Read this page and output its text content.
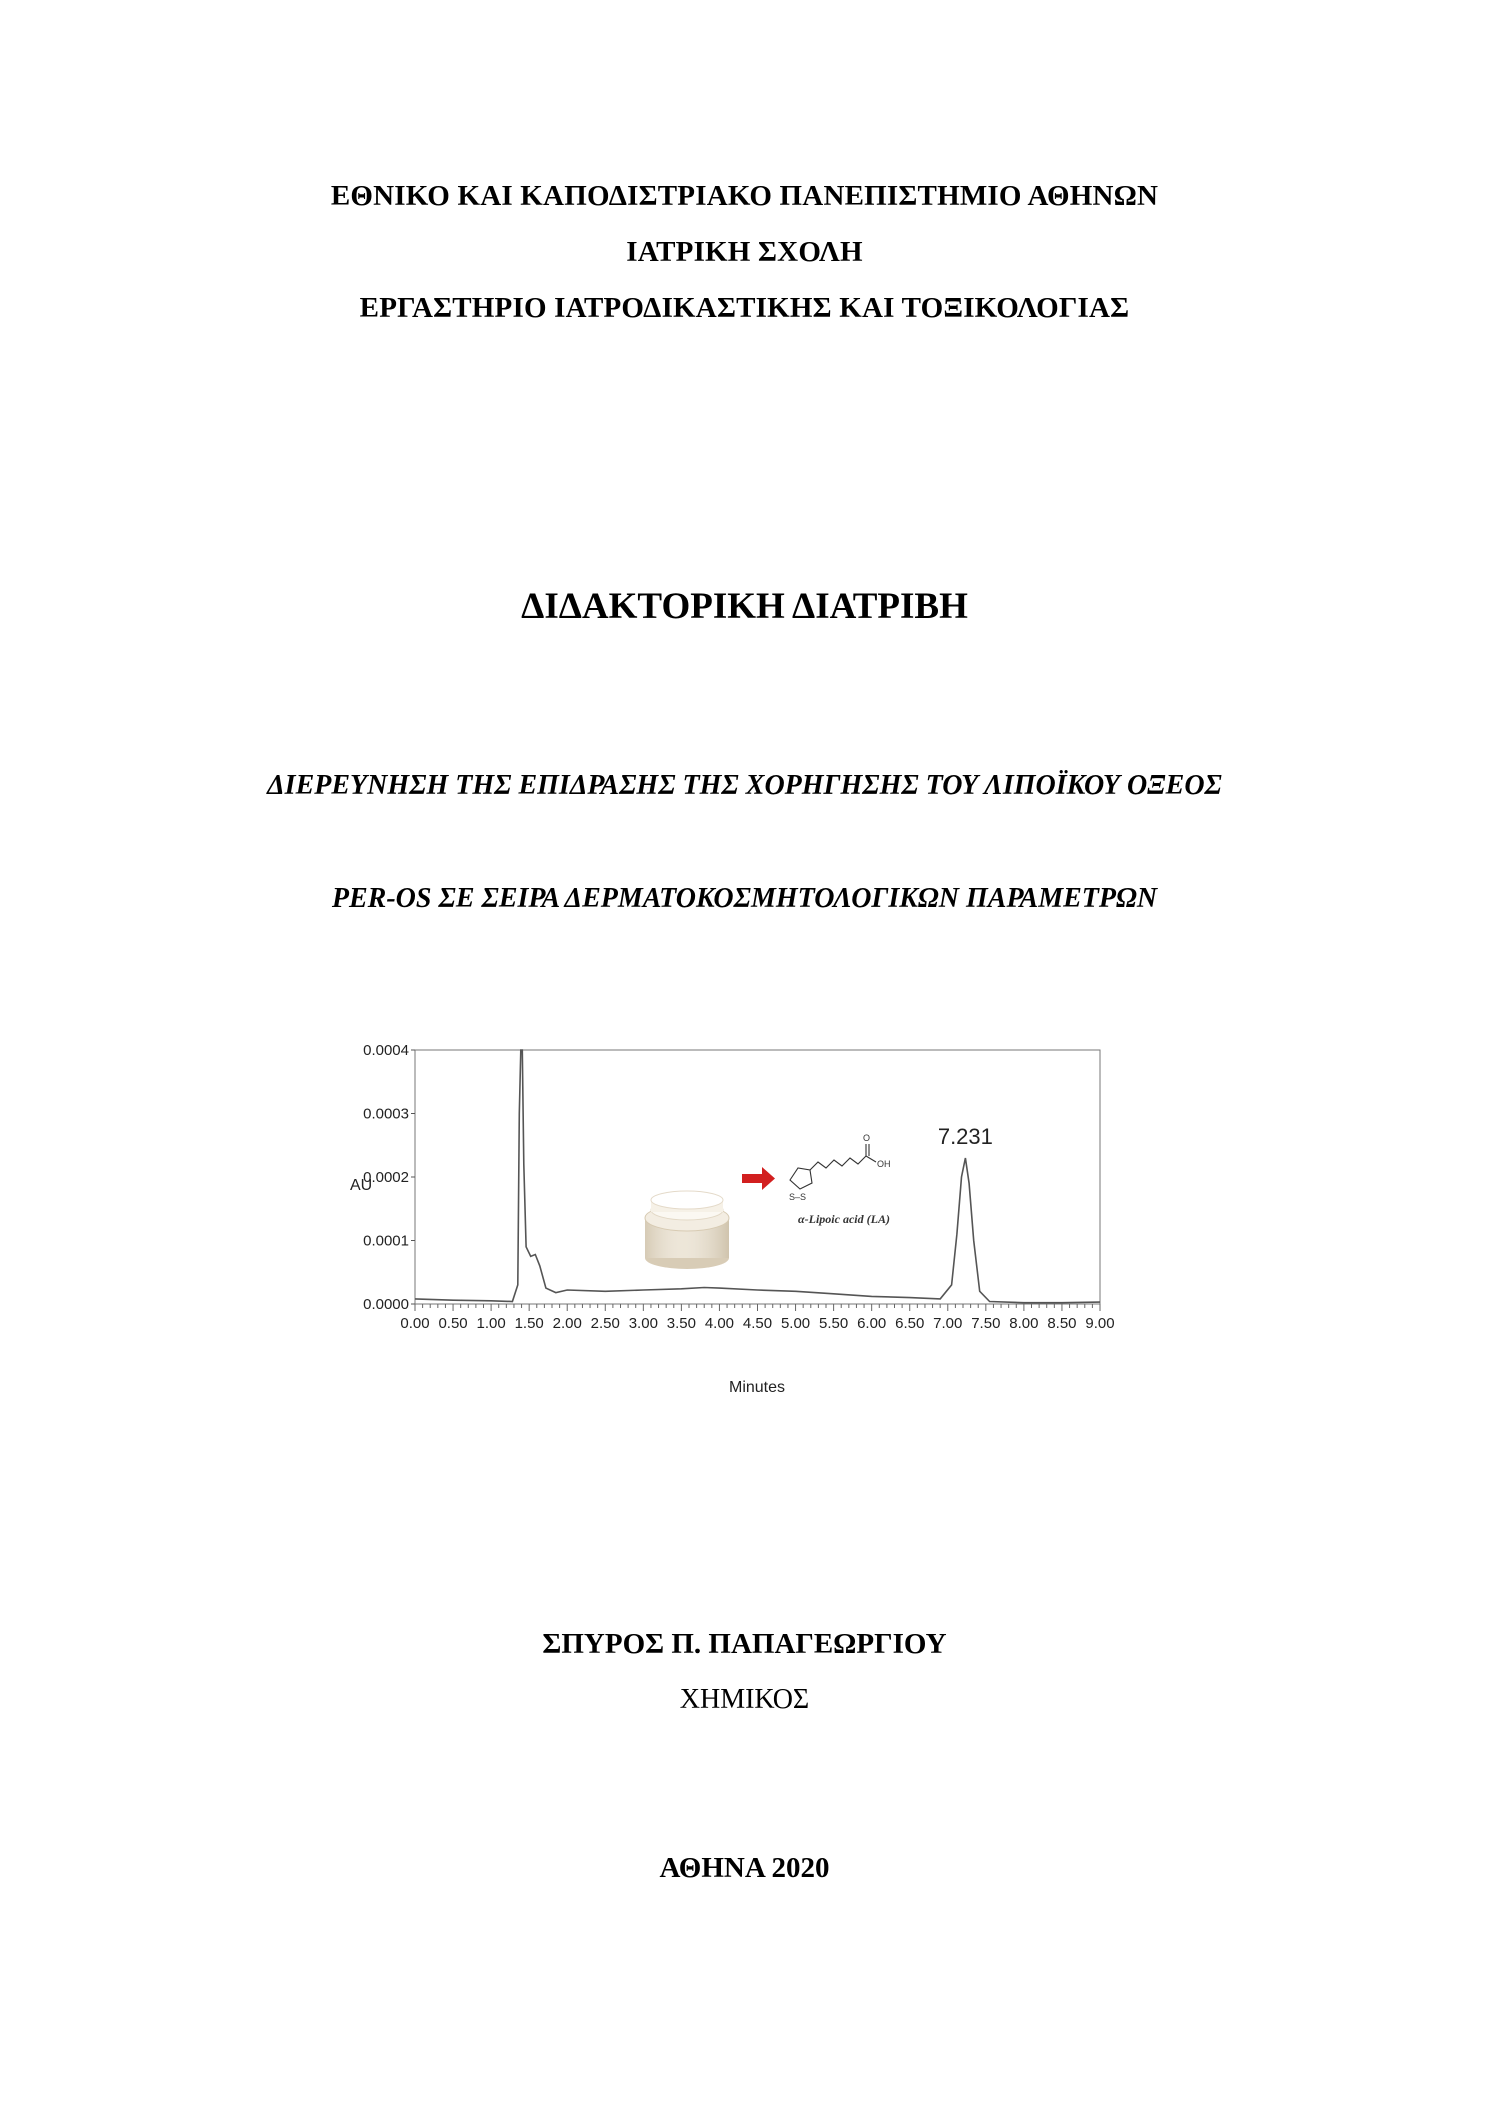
ΕΘΝΙΚΟ ΚΑΙ ΚΑΠΟΔΙΣΤΡΙΑΚΟ ΠΑΝΕΠΙΣΤΗΜΙΟ ΑΘΗΝΩΝ
ΙΑΤΡΙΚΗ ΣΧΟΛΗ
ΕΡΓΑΣΤΗΡΙΟ ΙΑΤΡΟΔΙΚΑΣΤΙΚΗΣ ΚΑΙ ΤΟΞΙΚΟΛΟΓΙΑΣ
ΔΙΔΑΚΤΟΡΙΚΗ ΔΙΑΤΡΙΒΗ
ΔΙΕΡΕΥΝΗΣΗ ΤΗΣ ΕΠΙΔΡΑΣΗΣ ΤΗΣ ΧΟΡΗΓΗΣΗΣ ΤΟΥ ΛΙΠΟΪΚΟΥ ΟΞΕΟΣ
PER-OS ΣΕ ΣΕΙΡΑ ΔΕΡΜΑΤΟΚΟΣΜΗΤΟΛΟΓΙΚΩΝ ΠΑΡΑΜΕΤΡΩΝ
0.0000
0.0001
0.0002
0.0003
0.0004
0.00 0.50 1.00 1.50 2.00 2.50 3.00 3.50 4.00 4.50 5.00 5.50 6.00 6.50 7.00 7.50 8.00 8.50 9.00
AU
Minutes
7.231
O
OH
S–S
α-Lipoic acid (LA)
ΣΠΥΡΟΣ Π. ΠΑΠΑΓΕΩΡΓΙΟΥ
ΧΗΜΙΚΟΣ
ΑΘΗΝΑ 2020
